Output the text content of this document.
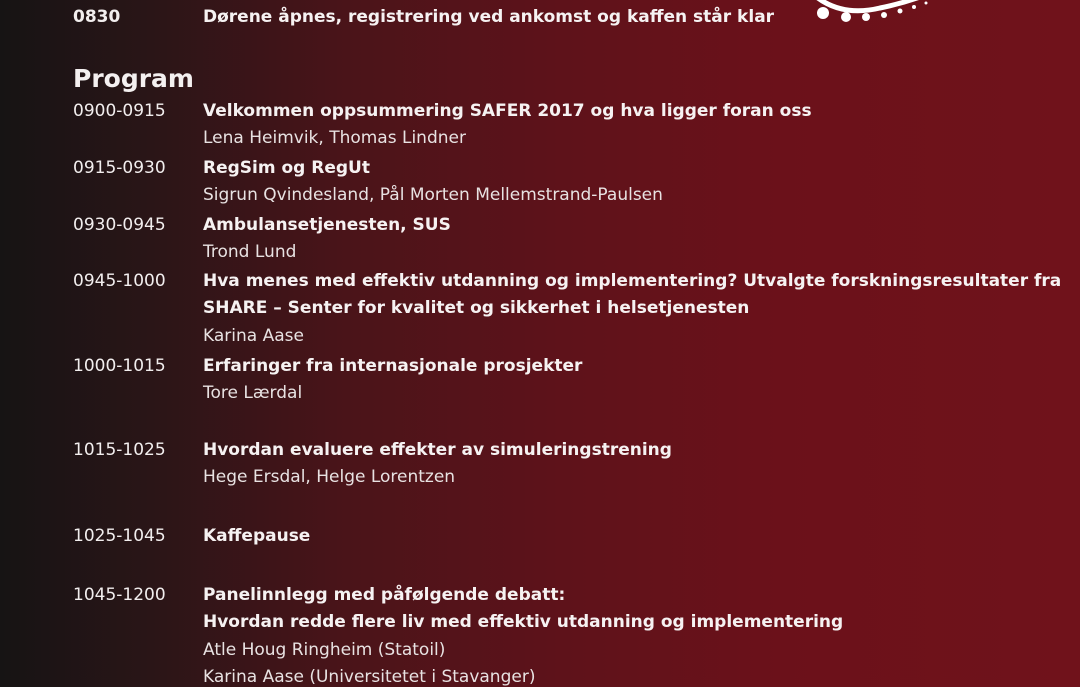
0830	Dørene åpnes, registrering ved ankomst og kaffen står klar
Program
0900-0915 Velkommen oppsummering SAFER 2017 og hva ligger foran oss
Lena Heimvik, Thomas Lindner
0915-0930 RegSim og RegUt
Sigrun Qvindesland, Pål Morten Mellemstrand-Paulsen
0930-0945 Ambulansetjenesten, SUS
Trond Lund
0945-1000 Hva menes med effektiv utdanning og implementering? Utvalgte forskningsresultater fra
SHARE – Senter for kvalitet og sikkerhet i helsetjenesten
Karina Aase
1000-1015 Erfaringer fra internasjonale prosjekter
Tore Lærdal
1015-1025 Hvordan evaluere effekter av simuleringstrening
Hege Ersdal, Helge Lorentzen
1025-1045 Kaffepause
1045-1200 Panelinnlegg med påfølgende debatt:
Hvordan redde flere liv med effektiv utdanning og implementering
Atle Houg Ringheim (Statoil)
Karina Aase (Universitetet i Stavanger)
